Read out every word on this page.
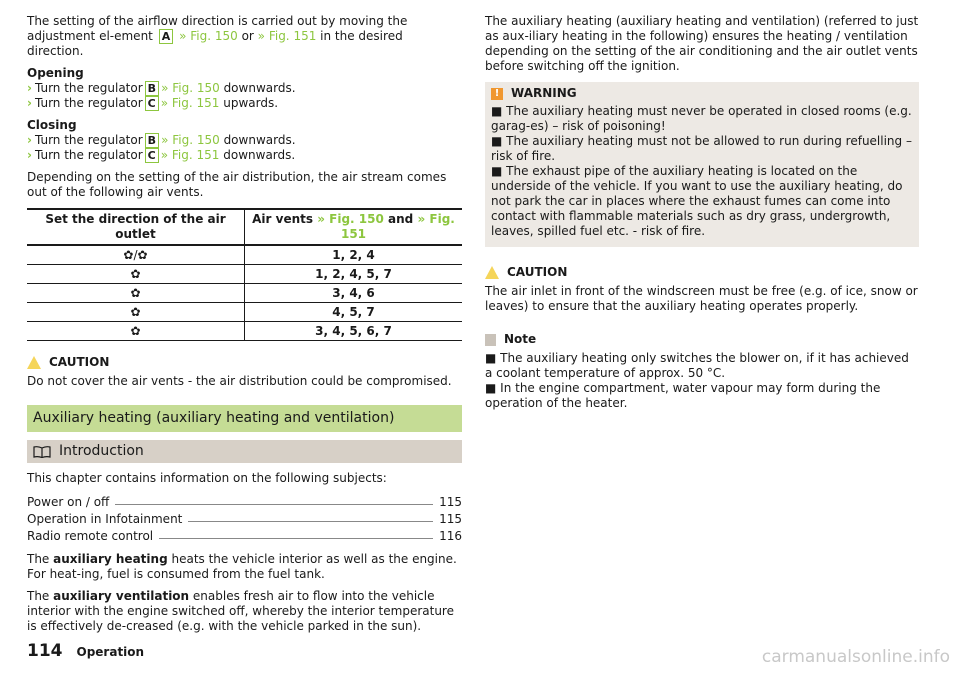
The setting of the airflow direction is carried out by moving the adjustment el-ement A » Fig. 150 or » Fig. 151 in the desired direction.

Opening

› Turn the regulator B » Fig. 150 downwards.
› Turn the regulator C » Fig. 151 upwards.

Closing

› Turn the regulator B » Fig. 150 downwards.
› Turn the regulator C » Fig. 151 downwards.

Depending on the setting of the air distribution, the air stream comes out of the following air vents.

Set the direction of the air outlet	Air vents » Fig. 150 and » Fig. 151
✿/✿	1, 2, 4
✿	1, 2, 4, 5, 7
✿	3, 4, 6
✿	4, 5, 7
✿	3, 4, 5, 6, 7
CAUTION

Do not cover the air vents - the air distribution could be compromised.

Auxiliary heating (auxiliary heating and ventilation)
Introduction

This chapter contains information on the following subjects:

Power on / off	115
Operation in Infotainment	115
Radio remote control	116

The auxiliary heating heats the vehicle interior as well as the engine. For heat-ing, fuel is consumed from the fuel tank.

The auxiliary ventilation enables fresh air to flow into the vehicle interior with the engine switched off, whereby the interior temperature is effectively de-creased (e.g. with the vehicle parked in the sun).

The auxiliary heating (auxiliary heating and ventilation) (referred to just as aux-iliary heating in the following) ensures the heating / ventilation depending on the setting of the air conditioning and the air outlet vents before switching off the ignition.

! WARNING
■ The auxiliary heating must never be operated in closed rooms (e.g. garag-es) – risk of poisoning!
■ The auxiliary heating must not be allowed to run during refuelling – risk of fire.
■ The exhaust pipe of the auxiliary heating is located on the underside of the vehicle. If you want to use the auxiliary heating, do not park the car in places where the exhaust fumes can come into contact with flammable materials such as dry grass, undergrowth, leaves, spilled fuel etc. - risk of fire.
CAUTION

The air inlet in front of the windscreen must be free (e.g. of ice, snow or leaves) to ensure that the auxiliary heating operates properly.

Note
■ The auxiliary heating only switches the blower on, if it has achieved a coolant temperature of approx. 50 °C.
■ In the engine compartment, water vapour may form during the operation of the heater.
114 Operation	carmanualsonline.info
